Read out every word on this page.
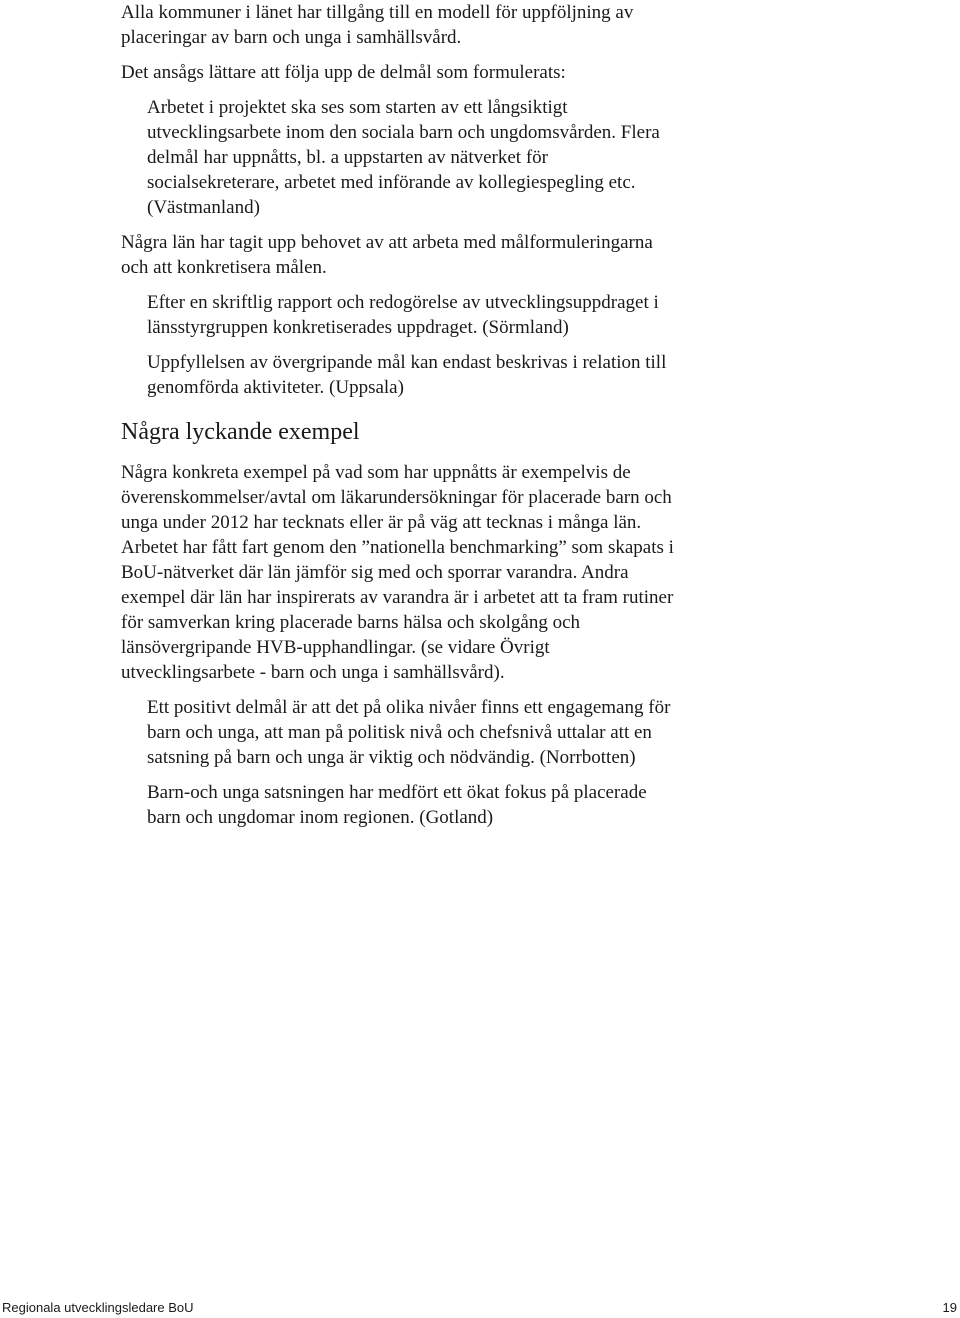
Alla kommuner i länet har tillgång till en modell för uppföljning av
placeringar av barn och unga i samhällsvård.

Det ansågs lättare att följa upp de delmål som formulerats:

Arbetet i projektet ska ses som starten av ett långsiktigt
utvecklingsarbete inom den sociala barn och ungdomsvården. Flera
delmål har uppnåtts, bl. a uppstarten av nätverket för
socialsekreterare, arbetet med införande av kollegiespegling etc.
(Västmanland)

Några län har tagit upp behovet av att arbeta med målformuleringarna
och att konkretisera målen.

Efter en skriftlig rapport och redogörelse av utvecklingsuppdraget i
länsstyrgruppen konkretiserades uppdraget. (Sörmland)

Uppfyllelsen av övergripande mål kan endast beskrivas i relation till
genomförda aktiviteter. (Uppsala)

Några lyckande exempel

Några konkreta exempel på vad som har uppnåtts är exempelvis de
överenskommelser/avtal om läkarundersökningar för placerade barn och
unga under 2012 har tecknats eller är på väg att tecknas i många län.
Arbetet har fått fart genom den ”nationella benchmarking” som skapats i
BoU-nätverket där län jämför sig med och sporrar varandra. Andra
exempel där län har inspirerats av varandra är i arbetet att ta fram rutiner
för samverkan kring placerade barns hälsa och skolgång och
länsövergripande HVB-upphandlingar. (se vidare Övrigt
utvecklingsarbete - barn och unga i samhällsvård).

Ett positivt delmål är att det på olika nivåer finns ett engagemang för
barn och unga, att man på politisk nivå och chefsnivå uttalar att en
satsning på barn och unga är viktig och nödvändig. (Norrbotten)

Barn-och unga satsningen har medfört ett ökat fokus på placerade
barn och ungdomar inom regionen. (Gotland)

Regionala utvecklingsledare BoU	19
